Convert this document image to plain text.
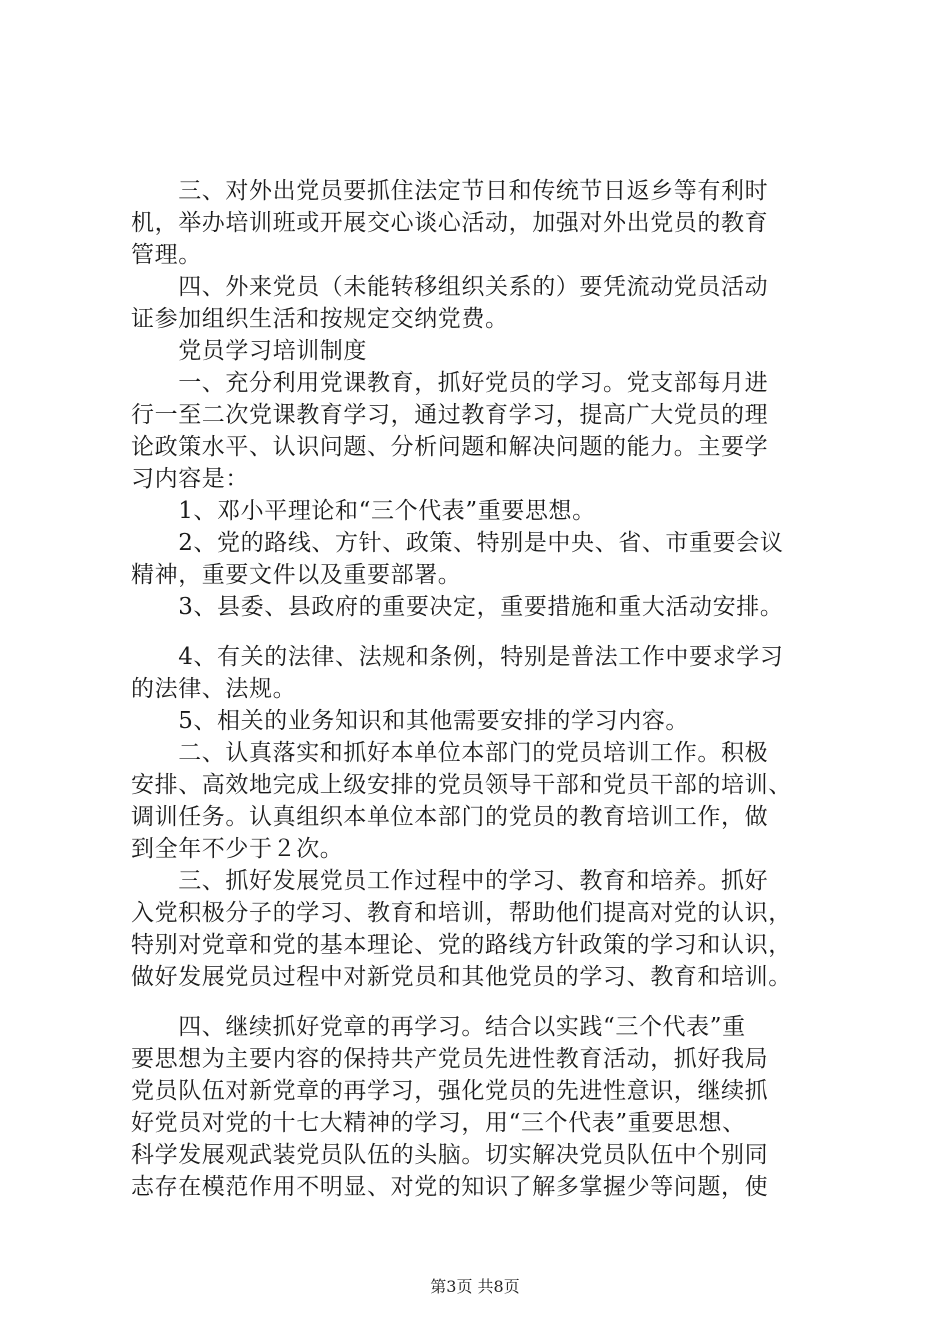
　　三、对外出党员要抓住法定节日和传统节日返乡等有利时

机，举办培训班或开展交心谈心活动，加强对外出党员的教育

管理。

　　四、外来党员（未能转移组织关系的）要凭流动党员活动

证参加组织生活和按规定交纳党费。

　　党员学习培训制度

　　一、充分利用党课教育，抓好党员的学习。党支部每月进

行一至二次党课教育学习，通过教育学习，提高广大党员的理

论政策水平、认识问题、分析问题和解决问题的能力。主要学

习内容是：

　　1、邓小平理论和“三个代表”重要思想。

　　2、党的路线、方针、政策、特别是中央、省、市重要会议

精神，重要文件以及重要部署。

　　3、县委、县政府的重要决定，重要措施和重大活动安排。

　　4、有关的法律、法规和条例，特别是普法工作中要求学习

的法律、法规。

　　5、相关的业务知识和其他需要安排的学习内容。

　　二、认真落实和抓好本单位本部门的党员培训工作。积极

安排、高效地完成上级安排的党员领导干部和党员干部的培训、

调训任务。认真组织本单位本部门的党员的教育培训工作，做

到全年不少于２次。

　　三、抓好发展党员工作过程中的学习、教育和培养。抓好

入党积极分子的学习、教育和培训，帮助他们提高对党的认识，

特别对党章和党的基本理论、党的路线方针政策的学习和认识，

做好发展党员过程中对新党员和其他党员的学习、教育和培训。

　　四、继续抓好党章的再学习。结合以实践“三个代表”重

要思想为主要内容的保持共产党员先进性教育活动，抓好我局

党员队伍对新党章的再学习，强化党员的先进性意识，继续抓

好党员对党的十七大精神的学习，用“三个代表”重要思想、

科学发展观武装党员队伍的头脑。切实解决党员队伍中个别同

志存在模范作用不明显、对党的知识了解多掌握少等问题，使

第3页 共8页
